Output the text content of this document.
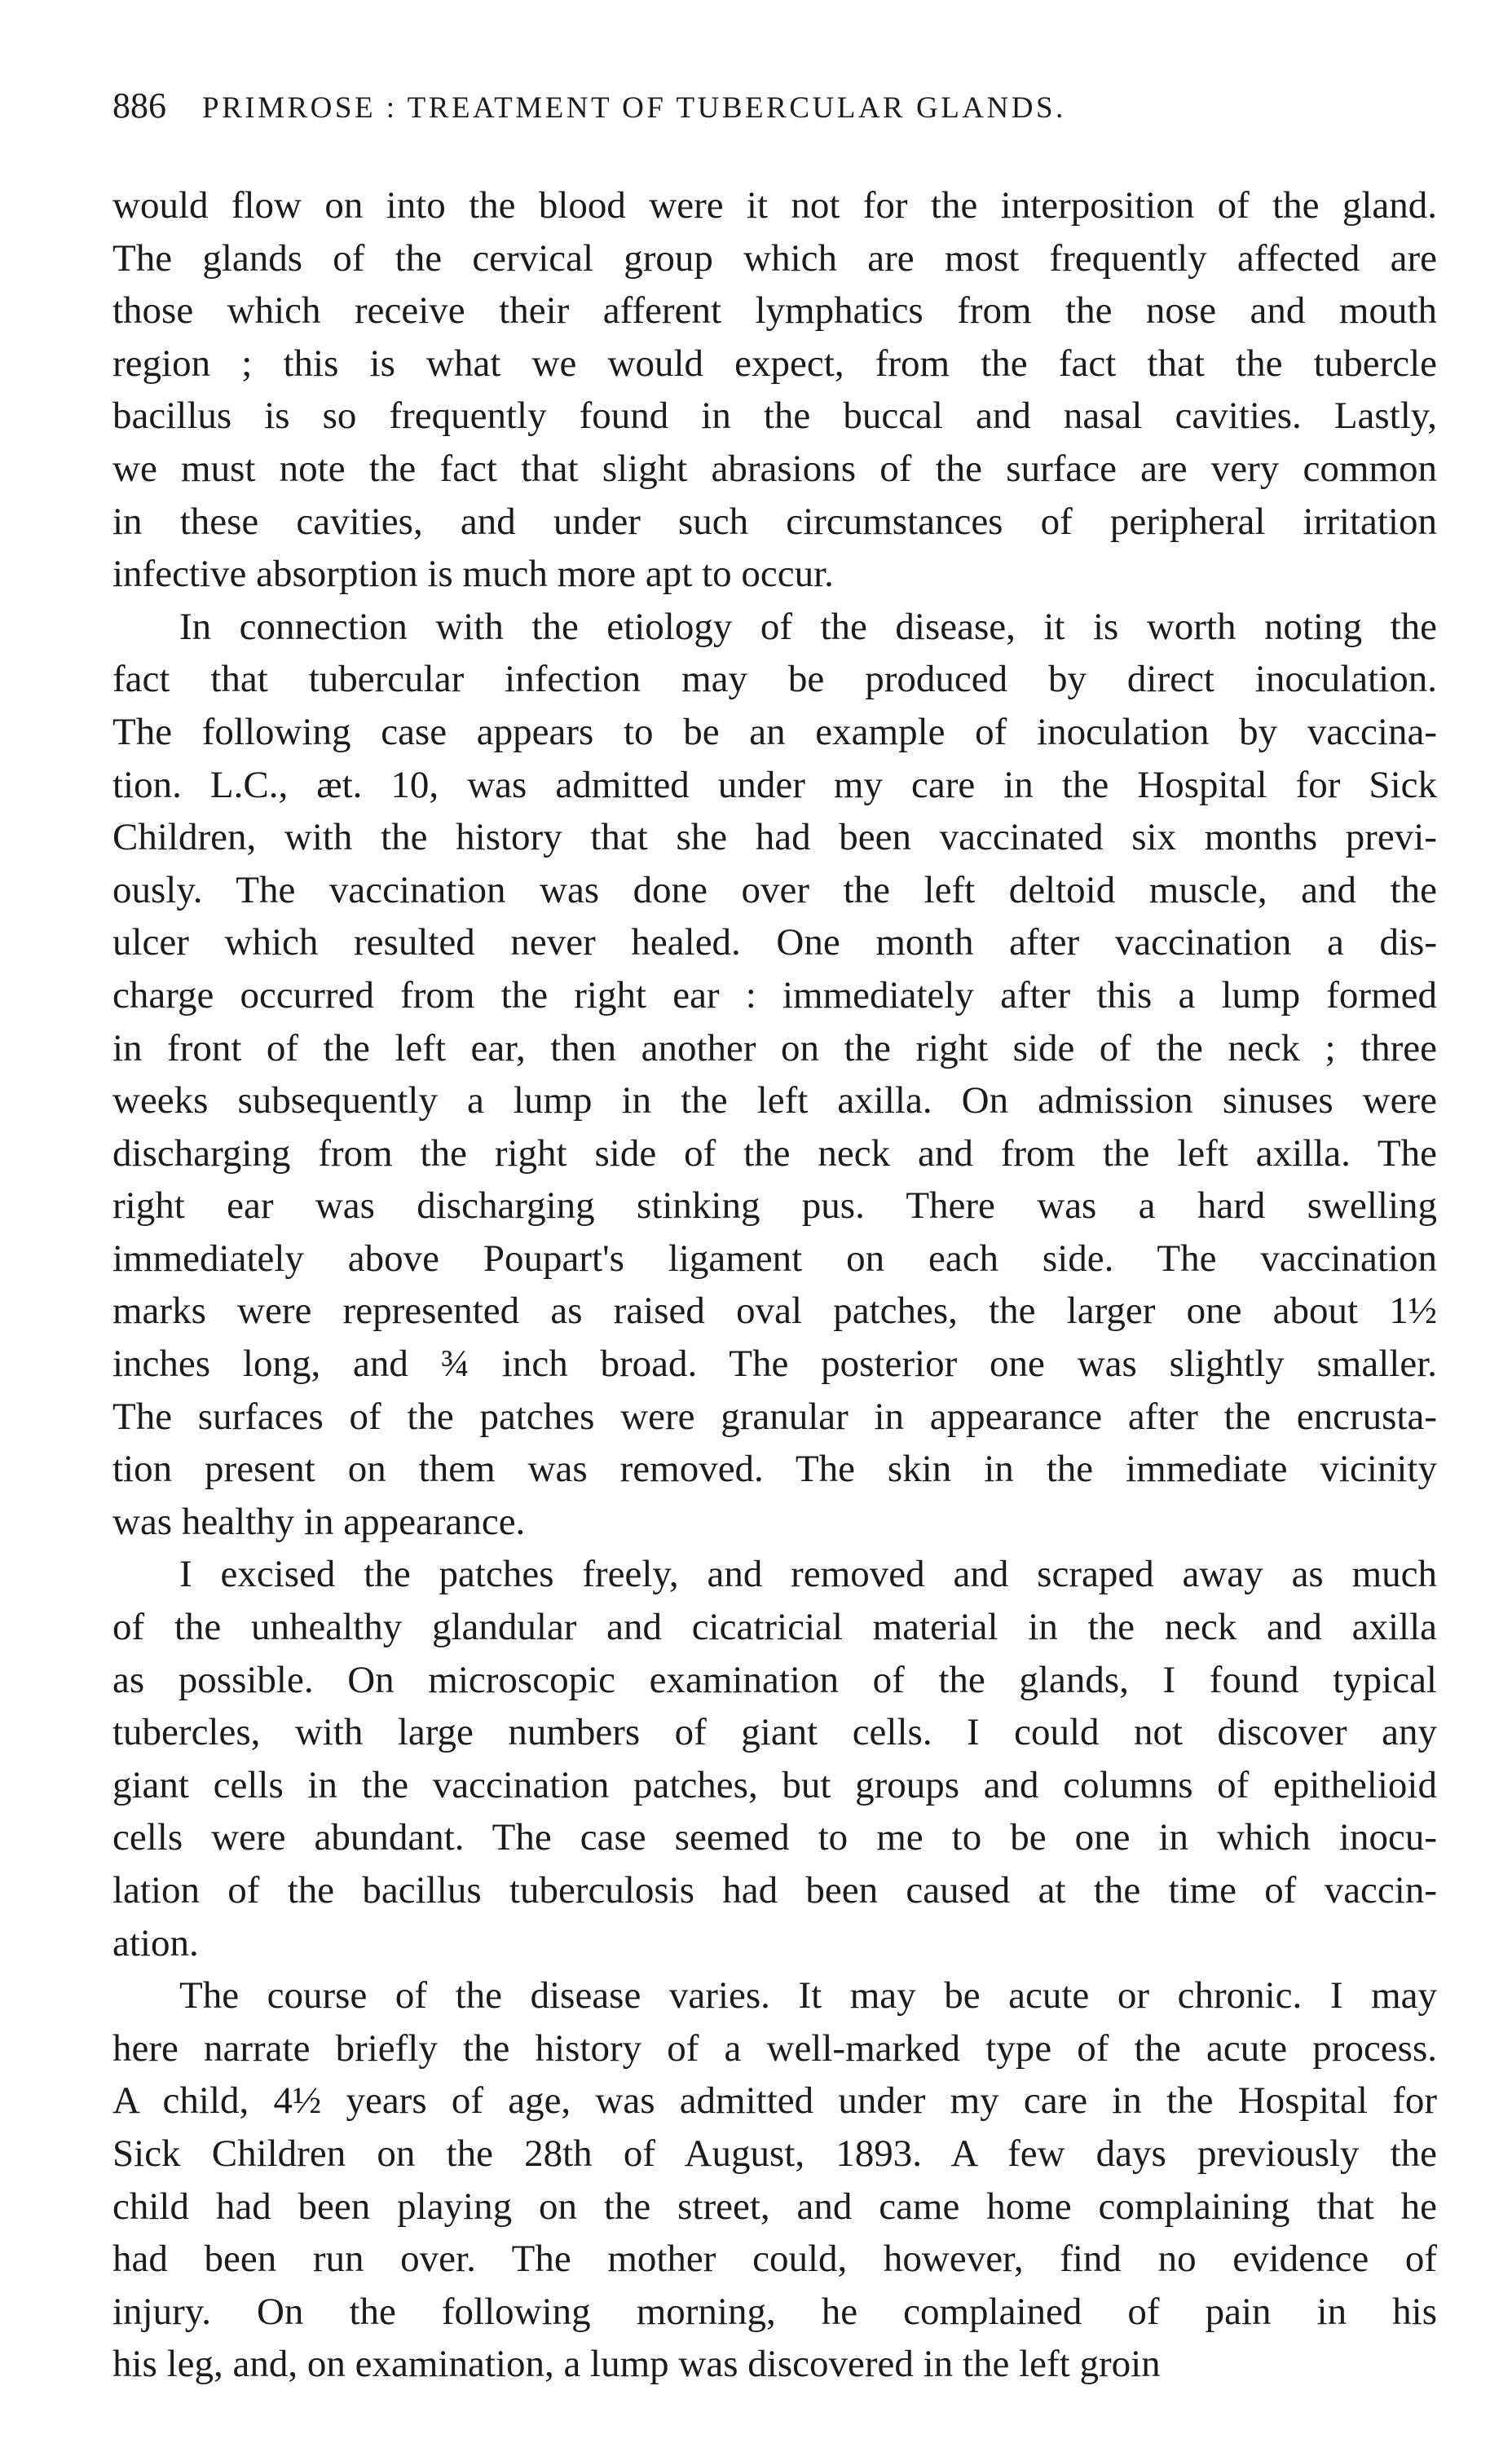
886 PRIMROSE : TREATMENT OF TUBERCULAR GLANDS.
would flow on into the blood were it not for the interposition of the gland.
The glands of the cervical group which are most frequently affected are
those which receive their afferent lymphatics from the nose and mouth
region ; this is what we would expect, from the fact that the tubercle
bacillus is so frequently found in the buccal and nasal cavities. Lastly,
we must note the fact that slight abrasions of the surface are very common
in these cavities, and under such circumstances of peripheral irritation
infective absorption is much more apt to occur.
In connection with the etiology of the disease, it is worth noting the
fact that tubercular infection may be produced by direct inoculation.
The following case appears to be an example of inoculation by vaccina-
tion. L.C., æt. 10, was admitted under my care in the Hospital for Sick
Children, with the history that she had been vaccinated six months previ-
ously. The vaccination was done over the left deltoid muscle, and the
ulcer which resulted never healed. One month after vaccination a dis-
charge occurred from the right ear : immediately after this a lump formed
in front of the left ear, then another on the right side of the neck ; three
weeks subsequently a lump in the left axilla. On admission sinuses were
discharging from the right side of the neck and from the left axilla. The
right ear was discharging stinking pus. There was a hard swelling
immediately above Poupart's ligament on each side. The vaccination
marks were represented as raised oval patches, the larger one about 1½
inches long, and ¾ inch broad. The posterior one was slightly smaller.
The surfaces of the patches were granular in appearance after the encrusta-
tion present on them was removed. The skin in the immediate vicinity
was healthy in appearance.
I excised the patches freely, and removed and scraped away as much
of the unhealthy glandular and cicatricial material in the neck and axilla
as possible. On microscopic examination of the glands, I found typical
tubercles, with large numbers of giant cells. I could not discover any
giant cells in the vaccination patches, but groups and columns of epithelioid
cells were abundant. The case seemed to me to be one in which inocu-
lation of the bacillus tuberculosis had been caused at the time of vaccin-
ation.
The course of the disease varies. It may be acute or chronic. I may
here narrate briefly the history of a well-marked type of the acute process.
A child, 4½ years of age, was admitted under my care in the Hospital for
Sick Children on the 28th of August, 1893. A few days previously the
child had been playing on the street, and came home complaining that he
had been run over. The mother could, however, find no evidence of
injury. On the following morning, he complained of pain in his
his leg, and, on examination, a lump was discovered in the left groin
